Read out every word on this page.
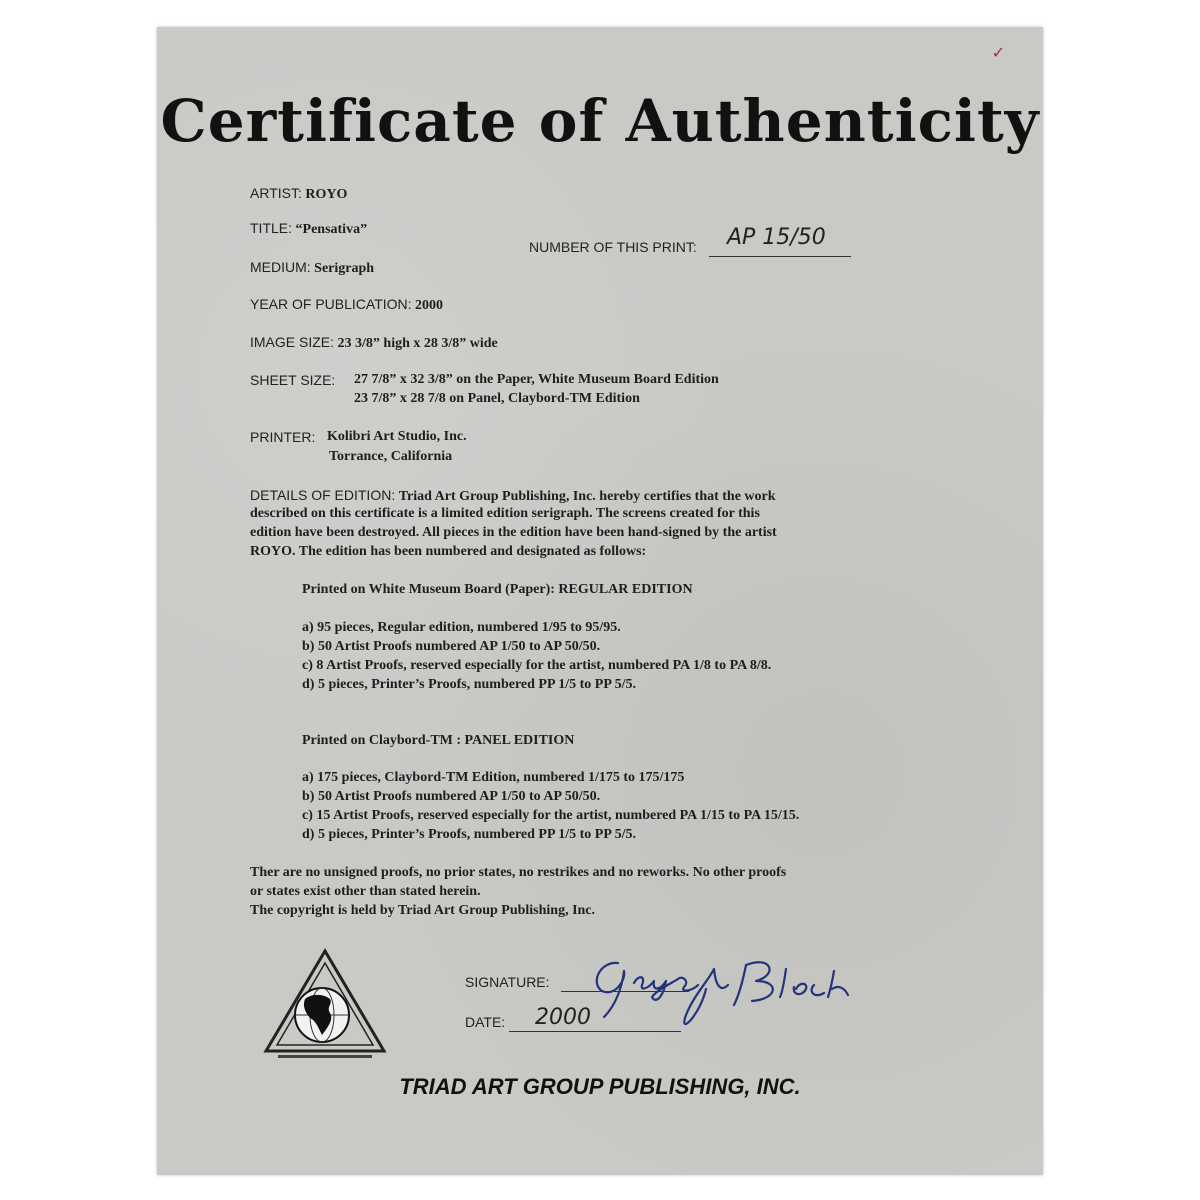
✓
Certificate of Authenticity
ARTIST: ROYO
TITLE: “Pensativa”
NUMBER OF THIS PRINT: AP 15/50
MEDIUM: Serigraph
YEAR OF PUBLICATION: 2000
IMAGE SIZE: 23 3/8” high x 28 3/8” wide
SHEET SIZE: 27 7/8” x 32 3/8” on the Paper, White Museum Board Edition
23 7/8” x 28 7/8 on Panel, Claybord-TM Edition
PRINTER: Kolibri Art Studio, Inc.
Torrance, California
DETAILS OF EDITION: Triad Art Group Publishing, Inc. hereby certifies that the work
described on this certificate is a limited edition serigraph. The screens created for this
edition have been destroyed. All pieces in the edition have been hand-signed by the artist
ROYO. The edition has been numbered and designated as follows:
Printed on White Museum Board (Paper): REGULAR EDITION
a) 95 pieces, Regular edition, numbered 1/95 to 95/95.
b) 50 Artist Proofs numbered AP 1/50 to AP 50/50.
c) 8 Artist Proofs, reserved especially for the artist, numbered PA 1/8 to PA 8/8.
d) 5 pieces, Printer’s Proofs, numbered PP 1/5 to PP 5/5.
Printed on Claybord-TM : PANEL EDITION
a) 175 pieces, Claybord-TM Edition, numbered 1/175 to 175/175
b) 50 Artist Proofs numbered AP 1/50 to AP 50/50.
c) 15 Artist Proofs, reserved especially for the artist, numbered PA 1/15 to PA 15/15.
d) 5 pieces, Printer’s Proofs, numbered PP 1/5 to PP 5/5.
Ther are no unsigned proofs, no prior states, no restrikes and no reworks. No other proofs
or states exist other than stated herein.
The copyright is held by Triad Art Group Publishing, Inc.
SIGNATURE:
DATE: 2000
TRIAD ART GROUP PUBLISHING, INC.
